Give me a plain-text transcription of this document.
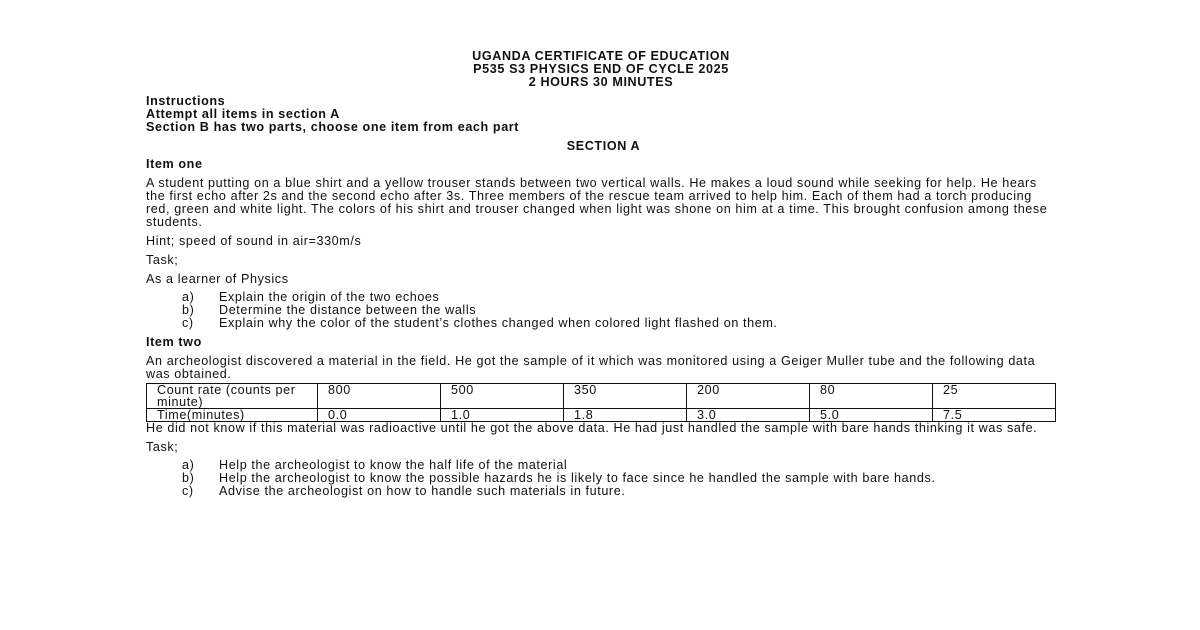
UGANDA CERTIFICATE OF EDUCATION
P535 S3 PHYSICS END OF CYCLE 2025
2 HOURS 30 MINUTES
Instructions
Attempt all items in section A
Section B has two parts, choose one item from each part
SECTION A
Item one

A student putting on a blue shirt and a yellow trouser stands between two vertical walls. He makes a loud sound while seeking for help. He hears the first echo after 2s and the second echo after 3s. Three members of the rescue team arrived to help him. Each of them had a torch producing red, green and white light. The colors of his shirt and trouser changed when light was shone on him at a time. This brought confusion among these students.

Hint; speed of sound in air=330m/s
Task;
As a learner of Physics
a) Explain the origin of the two echoes
b) Determine the distance between the walls
c) Explain why the color of the student’s clothes changed when colored light flashed on them.
Item two

An archeologist discovered a material in the field. He got the sample of it which was monitored using a Geiger Muller tube and the following data was obtained.

Count rate (counts per minute)	800	500	350	200	80	25
Time(minutes)	0.0	1.0	1.8	3.0	5.0	7.5

He did not know if this material was radioactive until he got the above data. He had just handled the sample with bare hands thinking it was safe.

Task;
a) Help the archeologist to know the half life of the material
b) Help the archeologist to know the possible hazards he is likely to face since he handled the sample with bare hands.
c) Advise the archeologist on how to handle such materials in future.
